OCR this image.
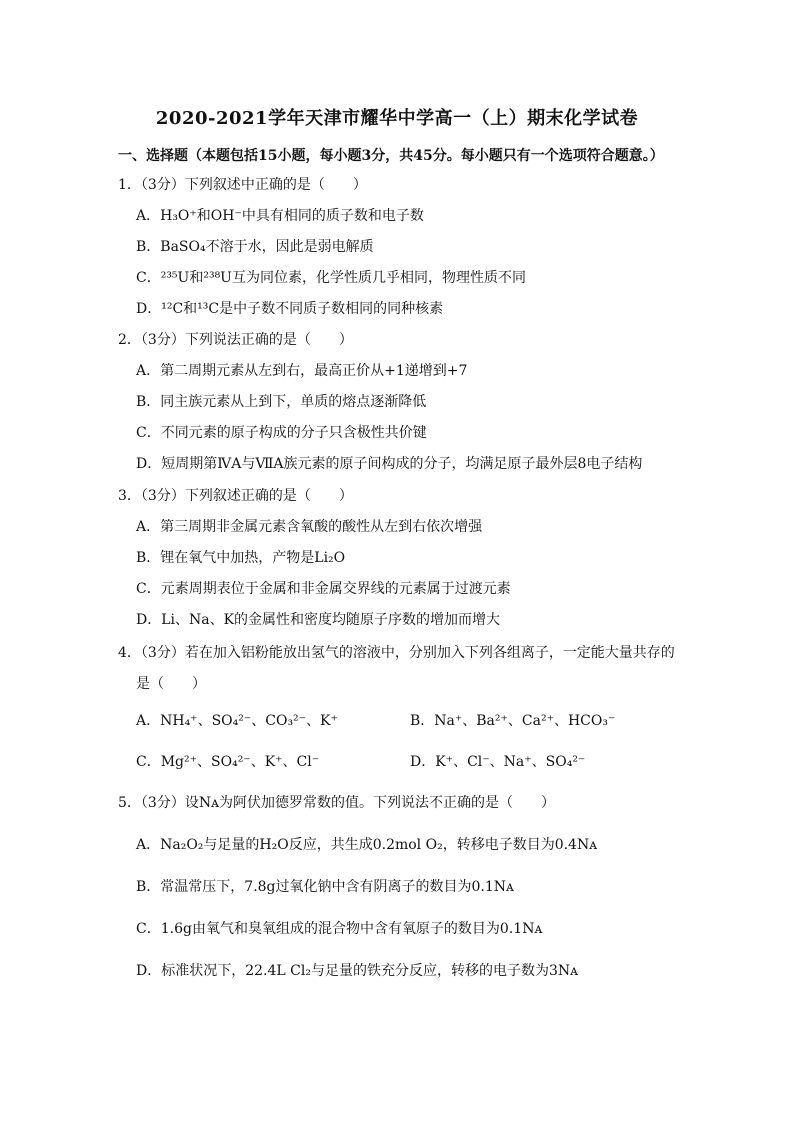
2020-2021学年天津市耀华中学高一（上）期末化学试卷
一、选择题（本题包括15小题，每小题3分，共45分。每小题只有一个选项符合题意。）
1．（3分）下列叙述中正确的是（　　）
A．H₃O⁺和OH⁻中具有相同的质子数和电子数
B．BaSO₄不溶于水，因此是弱电解质
C．²³⁵U和²³⁸U互为同位素，化学性质几乎相同，物理性质不同
D．¹²C和¹³C是中子数不同质子数相同的同种核素
2．（3分）下列说法正确的是（　　）
A．第二周期元素从左到右，最高正价从+1递增到+7
B．同主族元素从上到下，单质的熔点逐渐降低
C．不同元素的原子构成的分子只含极性共价键
D．短周期第ⅣA与ⅦA族元素的原子间构成的分子，均满足原子最外层8电子结构
3．（3分）下列叙述正确的是（　　）
A．第三周期非金属元素含氧酸的酸性从左到右依次增强
B．锂在氧气中加热，产物是Li₂O
C．元素周期表位于金属和非金属交界线的元素属于过渡元素
D．Li、Na、K的金属性和密度均随原子序数的增加而增大
4．（3分）若在加入铝粉能放出氢气的溶液中，分别加入下列各组离子，一定能大量共存的
是（　　）
A．NH₄⁺、SO₄²⁻、CO₃²⁻、K⁺	B．Na⁺、Ba²⁺、Ca²⁺、HCO₃⁻
C．Mg²⁺、SO₄²⁻、K⁺、Cl⁻	D．K⁺、Cl⁻、Na⁺、SO₄²⁻
5．（3分）设Nᴀ为阿伏加德罗常数的值。下列说法不正确的是（　　）
A．Na₂O₂与足量的H₂O反应，共生成0.2mol O₂，转移电子数目为0.4Nᴀ
B．常温常压下，7.8g过氧化钠中含有阴离子的数目为0.1Nᴀ
C．1.6g由氧气和臭氧组成的混合物中含有氧原子的数目为0.1Nᴀ
D．标准状况下，22.4L Cl₂与足量的铁充分反应，转移的电子数为3Nᴀ
